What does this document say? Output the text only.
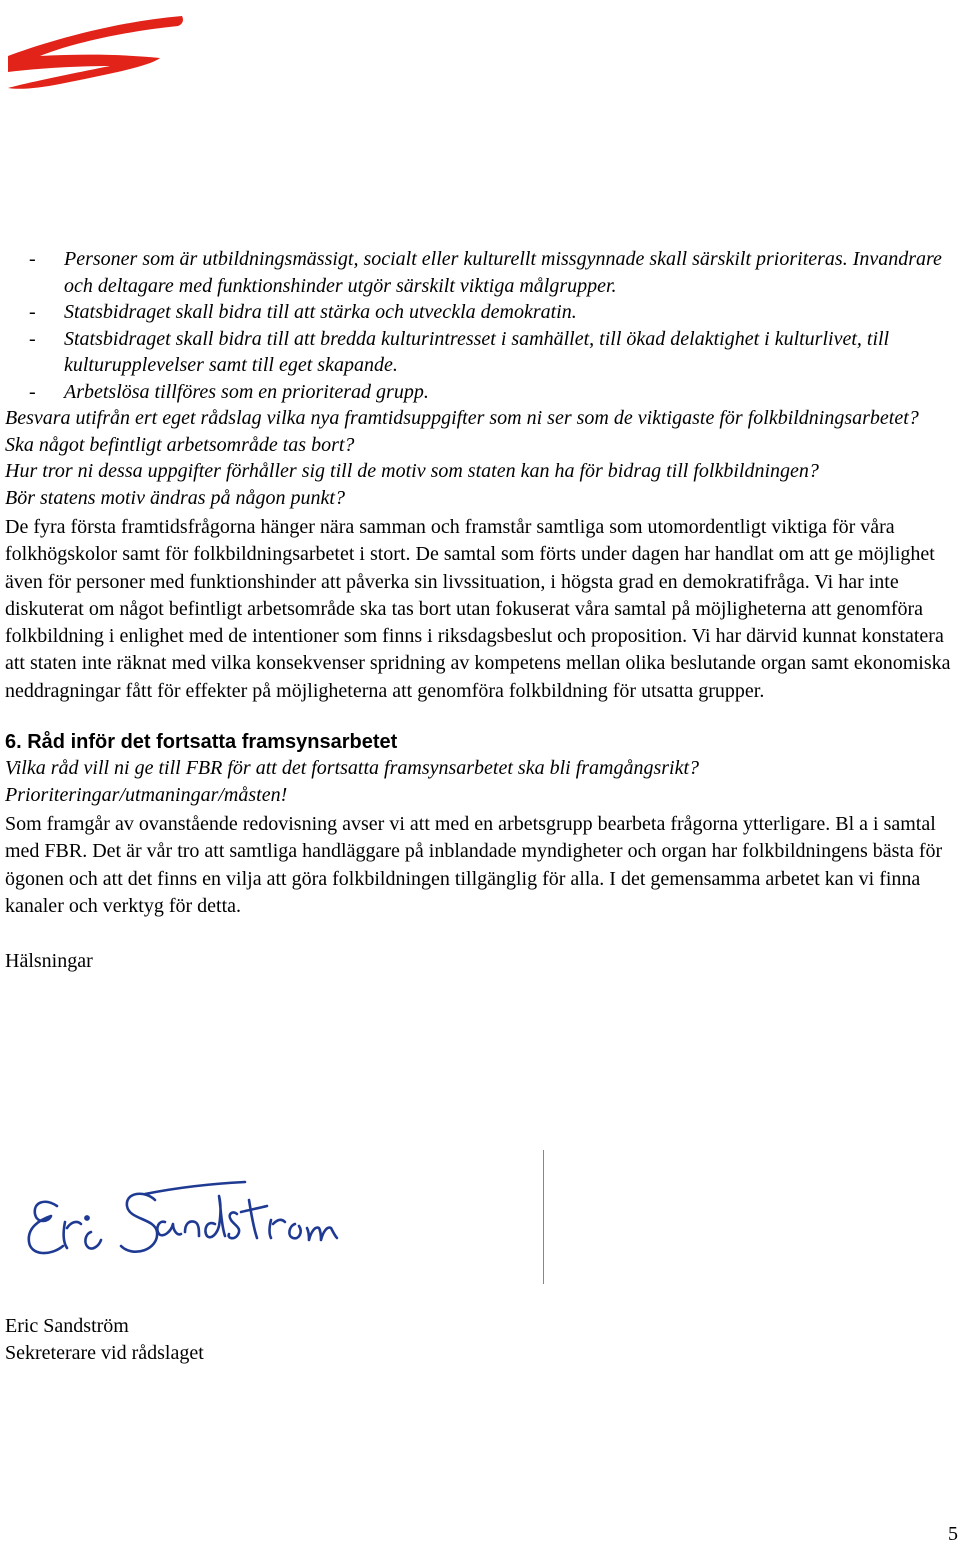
- Personer som är utbildningsmässigt, socialt eller kulturellt missgynnade skall särskilt prioriteras. Invandrare och deltagare med funktionshinder utgör särskilt viktiga målgrupper.
- Statsbidraget skall bidra till att stärka och utveckla demokratin.
- Statsbidraget skall bidra till att bredda kulturintresset i samhället, till ökad delaktighet i kulturlivet, till kulturupplevelser samt till eget skapande.
- Arbetslösa tillföres som en prioriterad grupp.

Besvara utifrån ert eget rådslag vilka nya framtidsuppgifter som ni ser som de viktigaste för folkbildningsarbetet?

Ska något befintligt arbetsområde tas bort?

Hur tror ni dessa uppgifter förhåller sig till de motiv som staten kan ha för bidrag till folkbildningen?

Bör statens motiv ändras på någon punkt?

De fyra första framtidsfrågorna hänger nära samman och framstår samtliga som utomordentligt viktiga för våra folkhögskolor samt för folkbildningsarbetet i stort. De samtal som förts under dagen har handlat om att ge möjlighet även för personer med funktionshinder att påverka sin livssituation, i högsta grad en demokratifråga. Vi har inte diskuterat om något befintligt arbetsområde ska tas bort utan fokuserat våra samtal på möjligheterna att genomföra folkbildning i enlighet med de intentioner som finns i riksdagsbeslut och proposition. Vi har därvid kunnat konstatera att staten inte räknat med vilka konsekvenser spridning av kompetens mellan olika beslutande organ samt ekonomiska neddragningar fått för effekter på möjligheterna att genomföra folkbildning för utsatta grupper.

6. Råd inför det fortsatta framsynsarbetet

Vilka råd vill ni ge till FBR för att det fortsatta framsynsarbetet ska bli framgångsrikt?

Prioriteringar/utmaningar/måsten!

Som framgår av ovanstående redovisning avser vi att med en arbetsgrupp bearbeta frågorna ytterligare. Bl a i samtal med FBR. Det är vår tro att samtliga handläggare på inblandade myndigheter och organ har folkbildningens bästa för ögonen och att det finns en vilja att göra folkbildningen tillgänglig för alla. I det gemensamma arbetet kan vi finna kanaler och verktyg för detta.

Hälsningar

Eric Sandström
Sekreterare vid rådslaget
5
